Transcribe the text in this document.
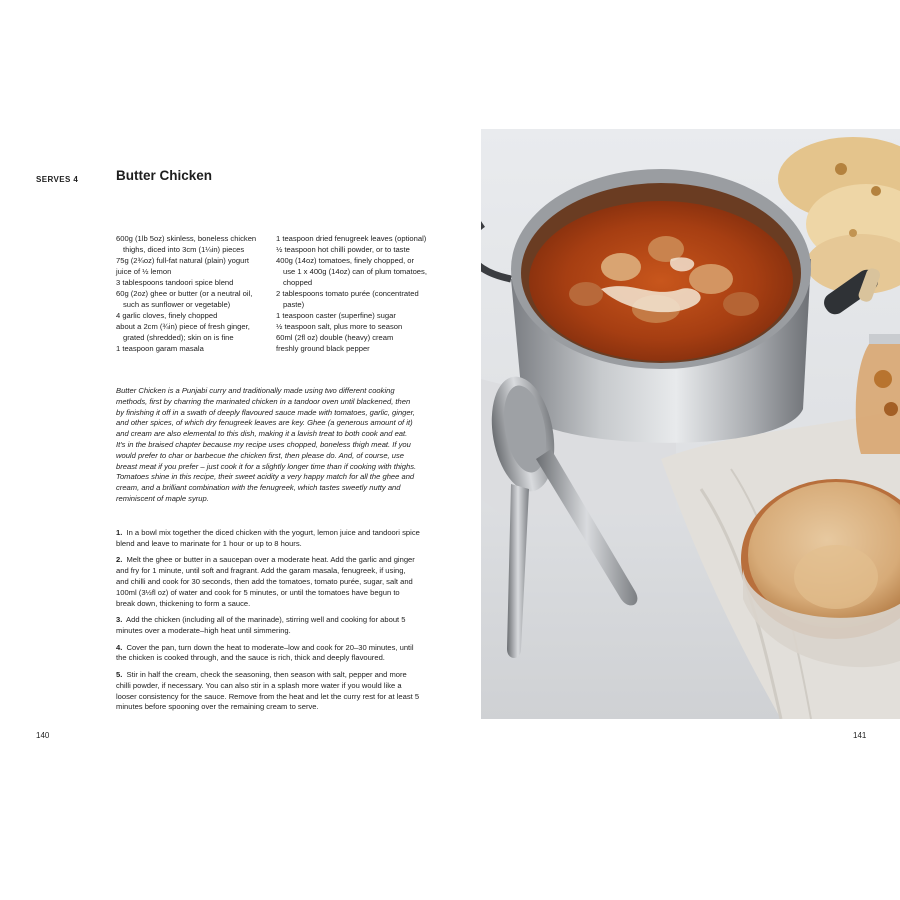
SERVES 4	Butter Chicken
600g (1lb 5oz) skinless, boneless chicken thighs, diced into 3cm (1¼in) pieces
75g (2¾oz) full-fat natural (plain) yogurt
juice of ½ lemon
3 tablespoons tandoori spice blend
60g (2oz) ghee or butter (or a neutral oil, such as sunflower or vegetable)
4 garlic cloves, finely chopped
about a 2cm (¾in) piece of fresh ginger, grated (shredded); skin on is fine
1 teaspoon garam masala
1 teaspoon dried fenugreek leaves (optional)
½ teaspoon hot chilli powder, or to taste
400g (14oz) tomatoes, finely chopped, or use 1 x 400g (14oz) can of plum tomatoes, chopped
2 tablespoons tomato purée (concentrated paste)
1 teaspoon caster (superfine) sugar
½ teaspoon salt, plus more to season
60ml (2fl oz) double (heavy) cream
freshly ground black pepper

Butter Chicken is a Punjabi curry and traditionally made using two different cooking methods, first by charring the marinated chicken in a tandoor oven until blackened, then by finishing it off in a swath of deeply flavoured sauce made with tomatoes, garlic, ginger, and other spices, of which dry fenugreek leaves are key. Ghee (a generous amount of it) and cream are also elemental to this dish, making it a lavish treat to both cook and eat. It's in the braised chapter because my recipe uses chopped, boneless thigh meat. If you would prefer to char or barbecue the chicken first, then please do. And, of course, use breast meat if you prefer – just cook it for a slightly longer time than if cooking with thighs. Tomatoes shine in this recipe, their sweet acidity a very happy match for all the ghee and cream, and a brilliant combination with the fenugreek, which tastes sweetly nutty and reminiscent of maple syrup.

1. In a bowl mix together the diced chicken with the yogurt, lemon juice and tandoori spice blend and leave to marinate for 1 hour or up to 8 hours.
2. Melt the ghee or butter in a saucepan over a moderate heat. Add the garlic and ginger and fry for 1 minute, until soft and fragrant. Add the garam masala, fenugreek, if using, and chilli and cook for 30 seconds, then add the tomatoes, tomato purée, sugar, salt and 100ml (3½fl oz) of water and cook for 5 minutes, or until the tomatoes have begun to break down, thickening to form a sauce.
3. Add the chicken (including all of the marinade), stirring well and cooking for about 5 minutes over a moderate–high heat until simmering.
4. Cover the pan, turn down the heat to moderate–low and cook for 20–30 minutes, until the chicken is cooked through, and the sauce is rich, thick and deeply flavoured.
5. Stir in half the cream, check the seasoning, then season with salt, pepper and more chilli powder, if necessary. You can also stir in a splash more water if you would like a looser consistency for the sauce. Remove from the heat and let the curry rest for at least 5 minutes before spooning over the remaining cream to serve.
140	141
